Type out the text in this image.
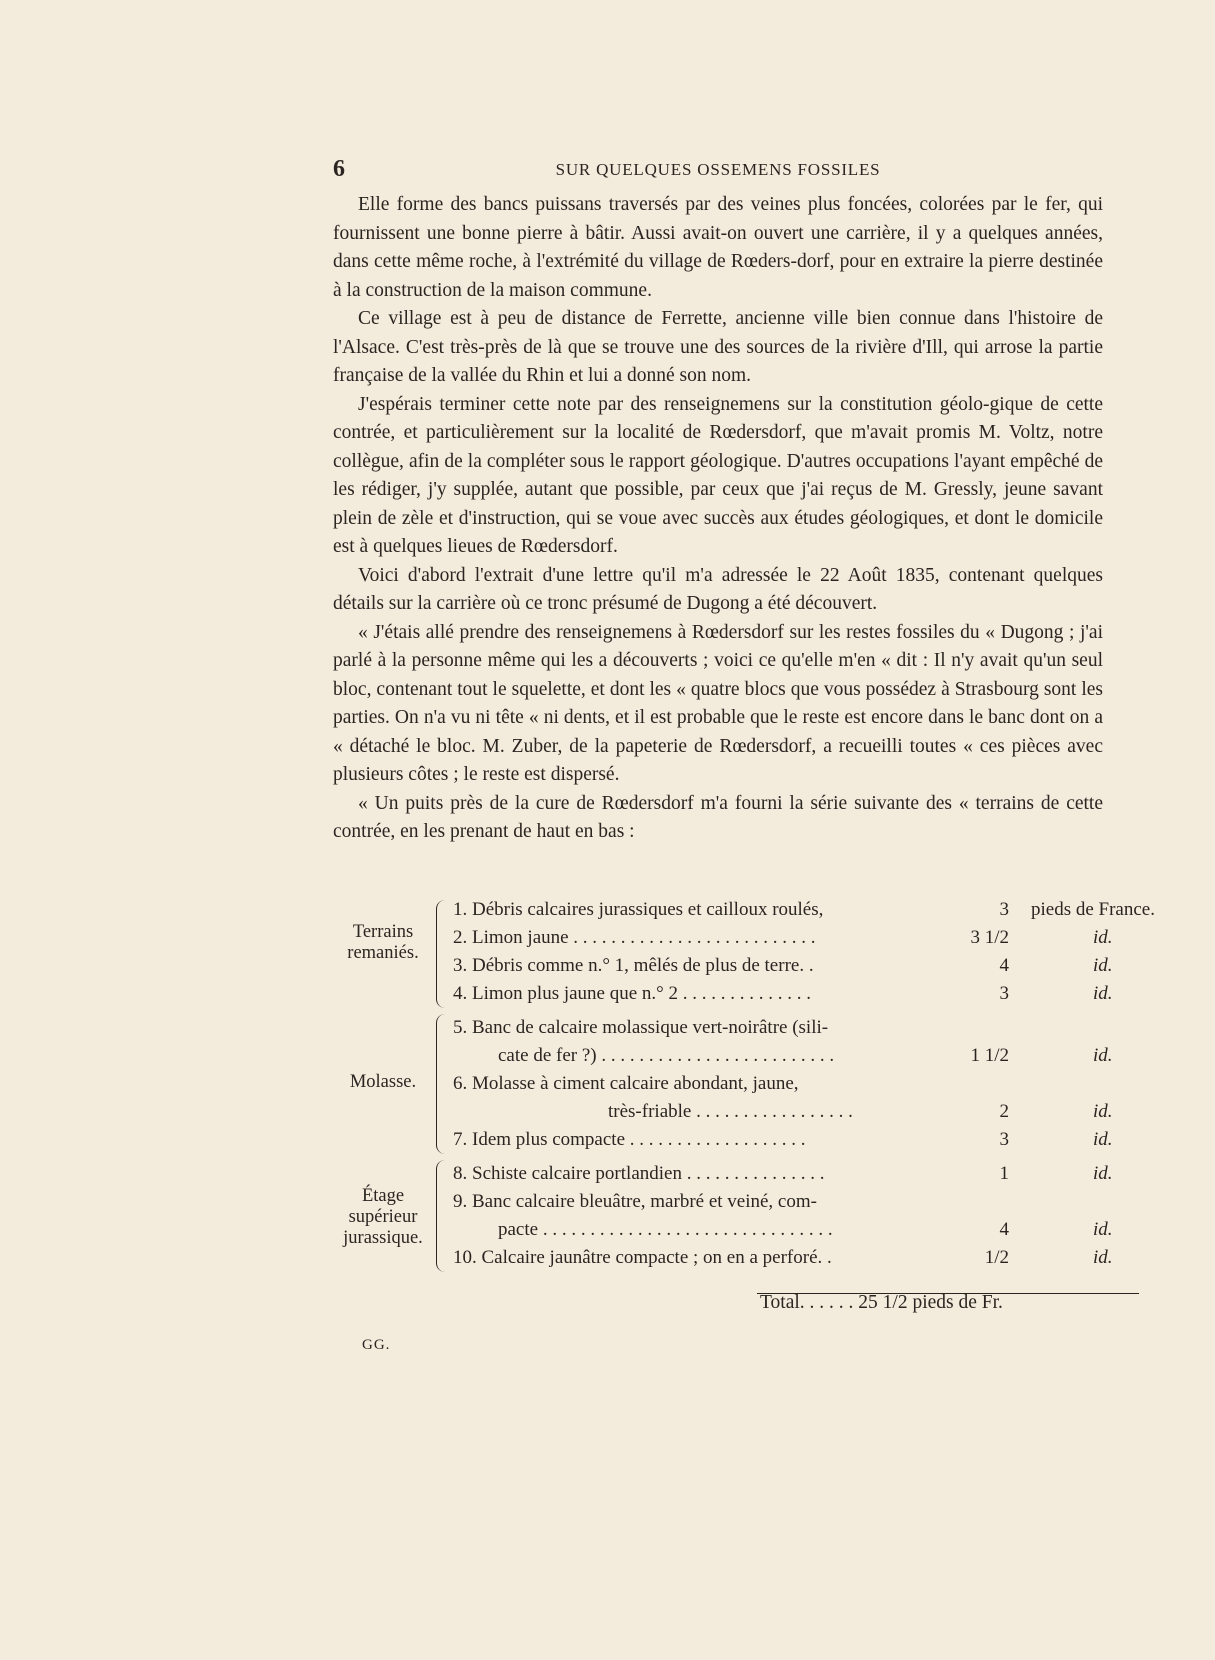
6	SUR QUELQUES OSSEMENS FOSSILES

Elle forme des bancs puissans traversés par des veines plus foncées, colorées par le fer, qui fournissent une bonne pierre à bâtir. Aussi avait-on ouvert une carrière, il y a quelques années, dans cette même roche, à l'extrémité du village de Rœders-dorf, pour en extraire la pierre destinée à la construction de la maison commune.

Ce village est à peu de distance de Ferrette, ancienne ville bien connue dans l'histoire de l'Alsace. C'est très-près de là que se trouve une des sources de la rivière d'Ill, qui arrose la partie française de la vallée du Rhin et lui a donné son nom.

J'espérais terminer cette note par des renseignemens sur la constitution géolo-gique de cette contrée, et particulièrement sur la localité de Rœdersdorf, que m'avait promis M. Voltz, notre collègue, afin de la compléter sous le rapport géologique. D'autres occupations l'ayant empêché de les rédiger, j'y supplée, autant que possible, par ceux que j'ai reçus de M. Gressly, jeune savant plein de zèle et d'instruction, qui se voue avec succès aux études géologiques, et dont le domicile est à quelques lieues de Rœdersdorf.

Voici d'abord l'extrait d'une lettre qu'il m'a adressée le 22 Août 1835, contenant quelques détails sur la carrière où ce tronc présumé de Dugong a été découvert.

« J'étais allé prendre des renseignemens à Rœdersdorf sur les restes fossiles du « Dugong ; j'ai parlé à la personne même qui les a découverts ; voici ce qu'elle m'en « dit : Il n'y avait qu'un seul bloc, contenant tout le squelette, et dont les « quatre blocs que vous possédez à Strasbourg sont les parties. On n'a vu ni tête « ni dents, et il est probable que le reste est encore dans le banc dont on a « détaché le bloc. M. Zuber, de la papeterie de Rœdersdorf, a recueilli toutes « ces pièces avec plusieurs côtes ; le reste est dispersé.

« Un puits près de la cure de Rœdersdorf m'a fourni la série suivante des « terrains de cette contrée, en les prenant de haut en bas :

Terrains remaniés.
Molasse.
Étage supérieur jurassique.
1. Débris calcaires jurassiques et cailloux roulés,	3 pieds de France.
2. Limon jaune . . . . . . . . . . . . . . . . . . . . . . . . . .	3 1/2	id.
3. Débris comme n.° 1, mêlés de plus de terre. .	4	id.
4. Limon plus jaune que n.° 2 . . . . . . . . . . . . . .	3	id.
5. Banc de calcaire molassique vert-noirâtre (sili-
cate de fer ?) . . . . . . . . . . . . . . . . . . . . . . . . .	1 1/2	id.
6. Molasse à ciment calcaire abondant, jaune,
très-friable . . . . . . . . . . . . . . . . .	2	id.
7. Idem plus compacte . . . . . . . . . . . . . . . . . . .	3	id.
8. Schiste calcaire portlandien . . . . . . . . . . . . . . .	1	id.
9. Banc calcaire bleuâtre, marbré et veiné, com-
pacte . . . . . . . . . . . . . . . . . . . . . . . . . . . . . . .	4	id.
10. Calcaire jaunâtre compacte ; on en a perforé. .	1/2	id.
Total. . . . . . 25 1/2 pieds de Fr.
GG.
